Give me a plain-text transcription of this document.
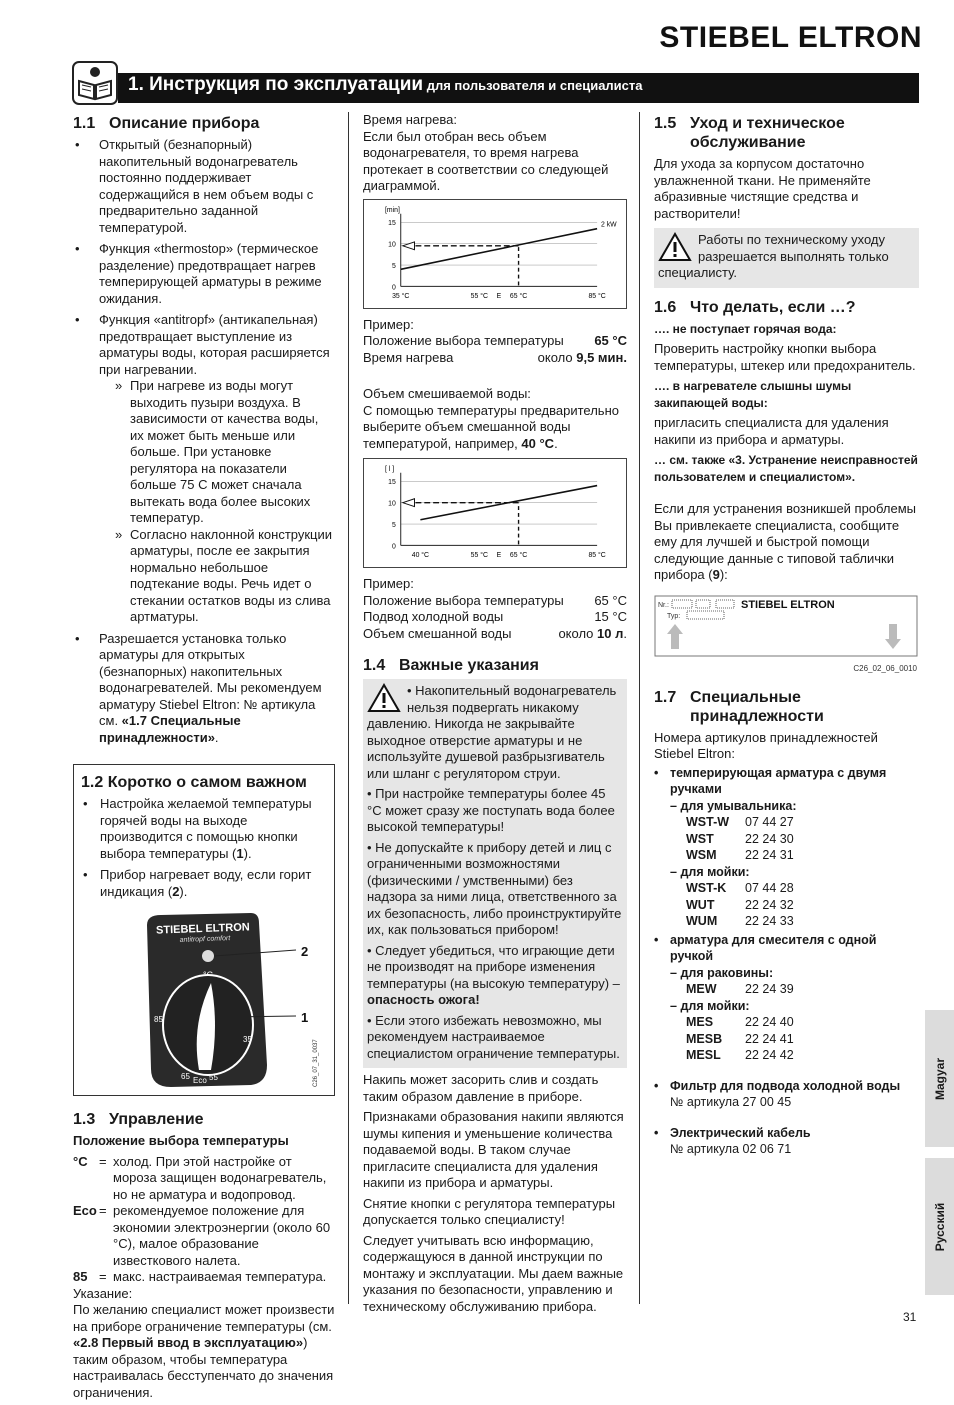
STIEBEL ELTRON
1. Инструкция по эксплуатации для пользователя и специалиста
1.1 Описание прибора
• Открытый (безнапорный) накопительный водонагреватель постоянно поддерживает содержащийся в нем объем воды с предварительно заданной температурой.
• Функция «thermostop» (термическое разделение) предотвращает нагрев темперирующей арматуры в режиме ожидания.
• Функция «antitropf» (антикапельная) предотвращает выступление из арматуры воды, которая расширяется при нагревании.
» При нагреве из воды могут выходить пузыри воздуха. В зависимости от качества воды, их может быть меньше или больше. При установке регулятора на показатели больше 75 С может сначала вытекать вода более высоких температур.
» Согласно наклонной конструкции арматуры, после ее закрытия нормально небольшое подтекание воды. Речь идет о стекании остатков воды из слива артматуры.
• Разрешается установка только арматуры для открытых (безнапорных) накопительных водонагревателей. Мы рекомендуем арматуру Stiebel Eltron: № артикула см. «1.7 Специальные принадлежности».
1.2 Коротко о самом важном
• Настройка желаемой температуры горячей воды на выходе производится с помощью кнопки выбора температуры (1).
• Прибор нагревает воду, если горит индикация (2).
STIEBEL ELTRON
antitropf comfort
85
35
65 Eco 55
2
1
C26_07_31_0037
1.3 Управление

Положение выбора температуры

°C = холод. При этой настройке от мороза защищен водонагреватель, но не арматура и водопровод.
Eco = рекомендуемое положение для экономии электроэнергии (около 60 °C), малое образование известкового налета.
85 = макс. настраиваемая температура.

Указание:

По желанию специалист может произвести на приборе ограничение температуры (см. «2.8 Первый ввод в эксплуатацию») таким образом, чтобы температура настраивалась бесступенчато до значения ограничения.

Время нагрева:

Если был отобран весь объем водонагревателя, то время нагрева протекает в соответствии со следующей диаграммой.

[min]
0
5
10
15
35 °C	55 °C E 65 °C	85 °C
2 kW

Пример:

Положение выбора температуры 65 °C
Время нагрева	около 9,5 мин.

Объем смешиваемой воды:

С помощью температуры предварительно выберите объем смешанной воды температурой, например, 40 °C.

[ l ]
0
5
10
15
40 °C	55 °C E 65 °C	85 °C

Пример:

Положение выбора температуры 65 °C
Подвод холодной воды	15 °C
Объем смешанной воды	около 10 л.
1.4 Важные указания
• Накопительный водонагреватель нельзя подвергать никакому давлению. Никогда не закрывайте выходное отверстие арматуры и не используйте душевой разбрызгиватель или шланг с регулятором струи.
• При настройке температуры более 45 °C может сразу же поступать вода более высокой температуры!
• Не допускайте к прибору детей и лиц с ограниченными возможностями (физическими / умственными) без надзора за ними лица, ответственного за их безопасность, либо проинструктируйте их, как пользоваться прибором!
• Следует убедиться, что играющие дети не производят на приборе изменения температуры (на высокую температуру) – опасность ожога!
• Если этого избежать невозможно, мы рекомендуем настраиваемое специалистом ограничение температуры.

Накипь может засорить слив и создать таким образом давление в приборе.

Признаками образования накипи являются шумы кипения и уменьшение количества подаваемой воды. В таком случае пригласите специалиста для удаления накипи из прибора и арматуры.

Снятие кнопки с регулятора температуры допускается только специалисту!

Следует учитывать всю информацию, содержащуюся в данной инструкции по монтажу и эксплуатации. Мы даем важные указания по безопасности, управлению и техническому обслуживанию прибора.

1.5 Уход и техническое обслуживание

Для ухода за корпусом достаточно увлажненной ткани. Не применяйте абразивные чистящие средства и растворители!

Работы по техническому уходу разрешается выполнять только специалисту.
1.6 Что делать, если …?

…. не поступает горячая вода:

Проверить настройку кнопки выбора температуры, штекер или предохранитель.

…. в нагревателе слышны шумы закипающей воды:

пригласить специалиста для удаления накипи из прибора и арматуры.

… см. также «3. Устранение неисправностей пользователем и специалистом».

Если для устранения возникшей проблемы Вы привлекаете специалиста, сообщите ему для лучшей и быстрой помощи следующие данные с типовой таблички прибора (9):

Nr.:
Typ:
STIEBEL ELTRON
C26_02_06_0010
1.7 Специальные принадлежности

Номера артикулов принадлежностей Stiebel Eltron:

• темперирующая арматура с двумя ручками
– для умывальника:
WST-W	07 44 27
WST	22 24 30
WSM	22 24 31
– для мойки:
WST-K	07 44 28
WUT	22 24 32
WUM	22 24 33
• арматура для смесителя с одной ручкой
– для раковины:
MEW	22 24 39
– для мойки:
MES	22 24 40
MESB	22 24 41
MESL	22 24 42
• Фильтр для подвода холодной воды
№ артикула 27 00 45
• Электрический кабель
№ артикула 02 06 71
Magyar
Русский
31
